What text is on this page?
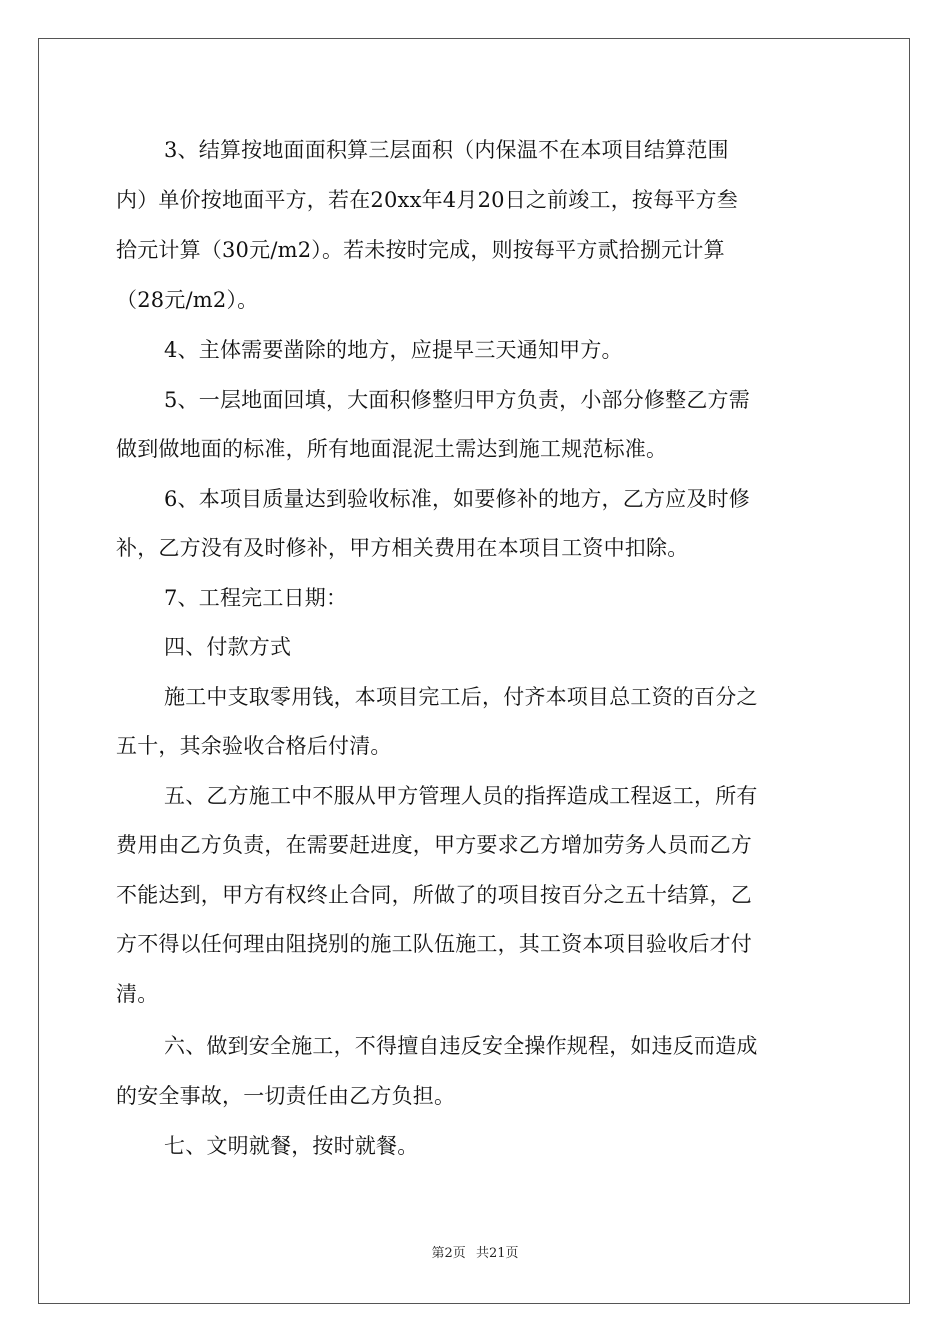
3、结算按地面面积算三层面积（内保温不在本项目结算范围
内）单价按地面平方，若在20xx年4月20日之前竣工，按每平方叁
拾元计算（30元/m2）。若未按时完成，则按每平方贰拾捌元计算
（28元/m2）。
4、主体需要凿除的地方，应提早三天通知甲方。
5、一层地面回填，大面积修整归甲方负责，小部分修整乙方需
做到做地面的标准，所有地面混泥土需达到施工规范标准。
6、本项目质量达到验收标准，如要修补的地方，乙方应及时修
补，乙方没有及时修补，甲方相关费用在本项目工资中扣除。
7、工程完工日期：
四、付款方式
施工中支取零用钱，本项目完工后，付齐本项目总工资的百分之
五十，其余验收合格后付清。
五、乙方施工中不服从甲方管理人员的指挥造成工程返工，所有
费用由乙方负责，在需要赶进度，甲方要求乙方增加劳务人员而乙方
不能达到，甲方有权终止合同，所做了的项目按百分之五十结算，乙
方不得以任何理由阻挠别的施工队伍施工，其工资本项目验收后才付
清。
六、做到安全施工，不得擅自违反安全操作规程，如违反而造成
的安全事故，一切责任由乙方负担。
七、文明就餐，按时就餐。
第2页 共21页
